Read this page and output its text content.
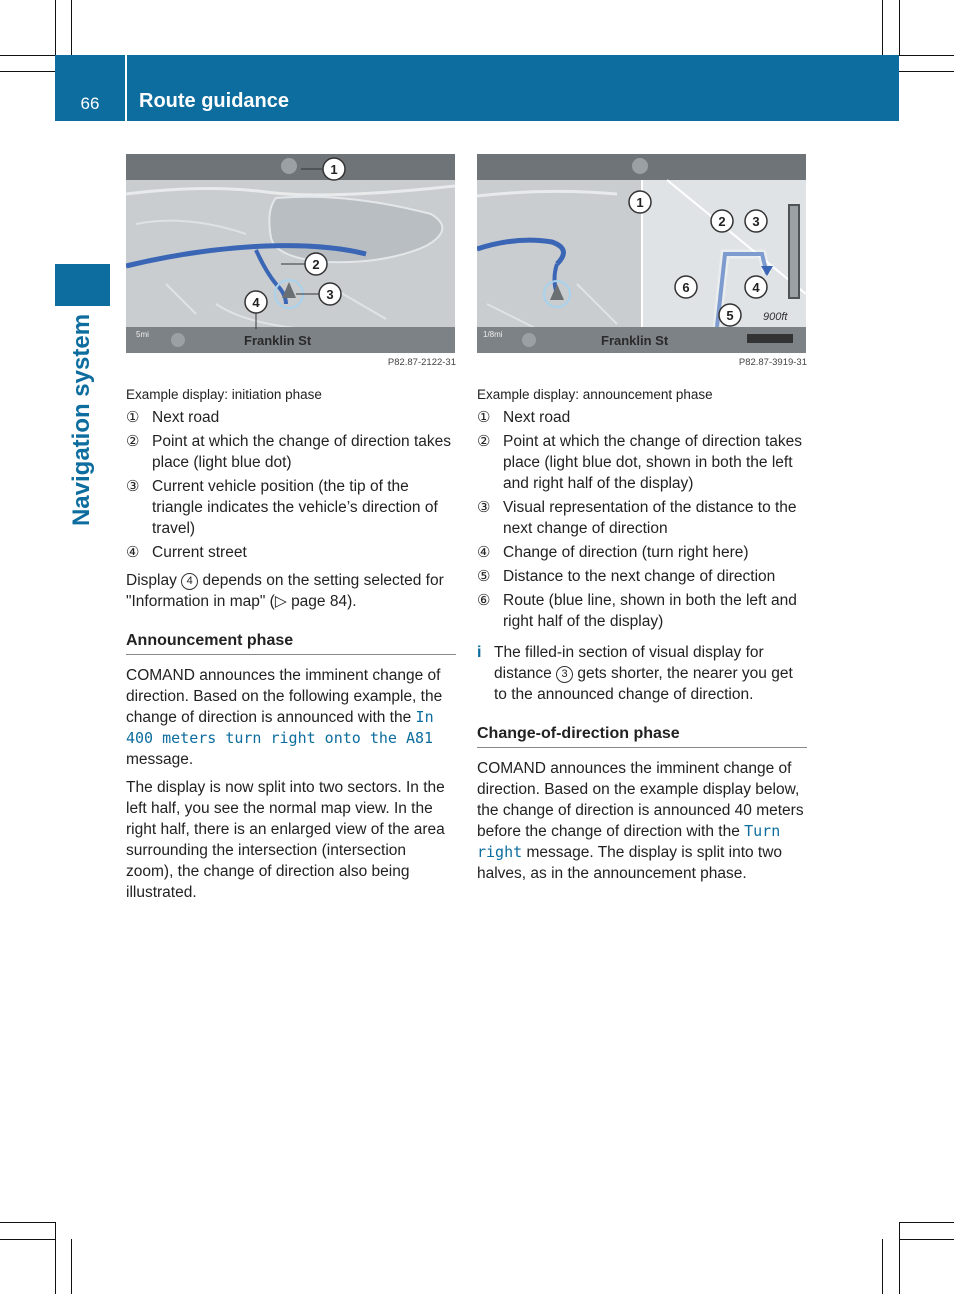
66	Route guidance
Navigation system
1
2
3
4
5mi	Franklin St
P82.87-2122-31
Example display: initiation phase
① Next road
② Point at which the change of direction takes place (light blue dot)
③ Current vehicle position (the tip of the triangle indicates the vehicle’s direction of travel)
④ Current street
Display 4 depends on the setting selected for "Information in map" (▷ page 84).
Announcement phase
COMAND announces the imminent change of direction. Based on the following example, the change of direction is announced with the In 400 meters turn right onto the A81 message.
The display is now split into two sectors. In the left half, you see the normal map view. In the right half, there is an enlarged view of the area surrounding the intersection (intersection zoom), the change of direction also being illustrated.
1
2 3
4
5
6
900ft
1/8mi	Franklin St
P82.87-3919-31
Example display: announcement phase
① Next road
② Point at which the change of direction takes place (light blue dot, shown in both the left and right half of the display)
③ Visual representation of the distance to the next change of direction
④ Change of direction (turn right here)
⑤ Distance to the next change of direction
⑥ Route (blue line, shown in both the left and right half of the display)
i The filled-in section of visual display for distance 3 gets shorter, the nearer you get to the announced change of direction.
Change-of-direction phase
COMAND announces the imminent change of direction. Based on the example display below, the change of direction is announced 40 meters before the change of direction with the Turn right message. The display is split into two halves, as in the announcement phase.
